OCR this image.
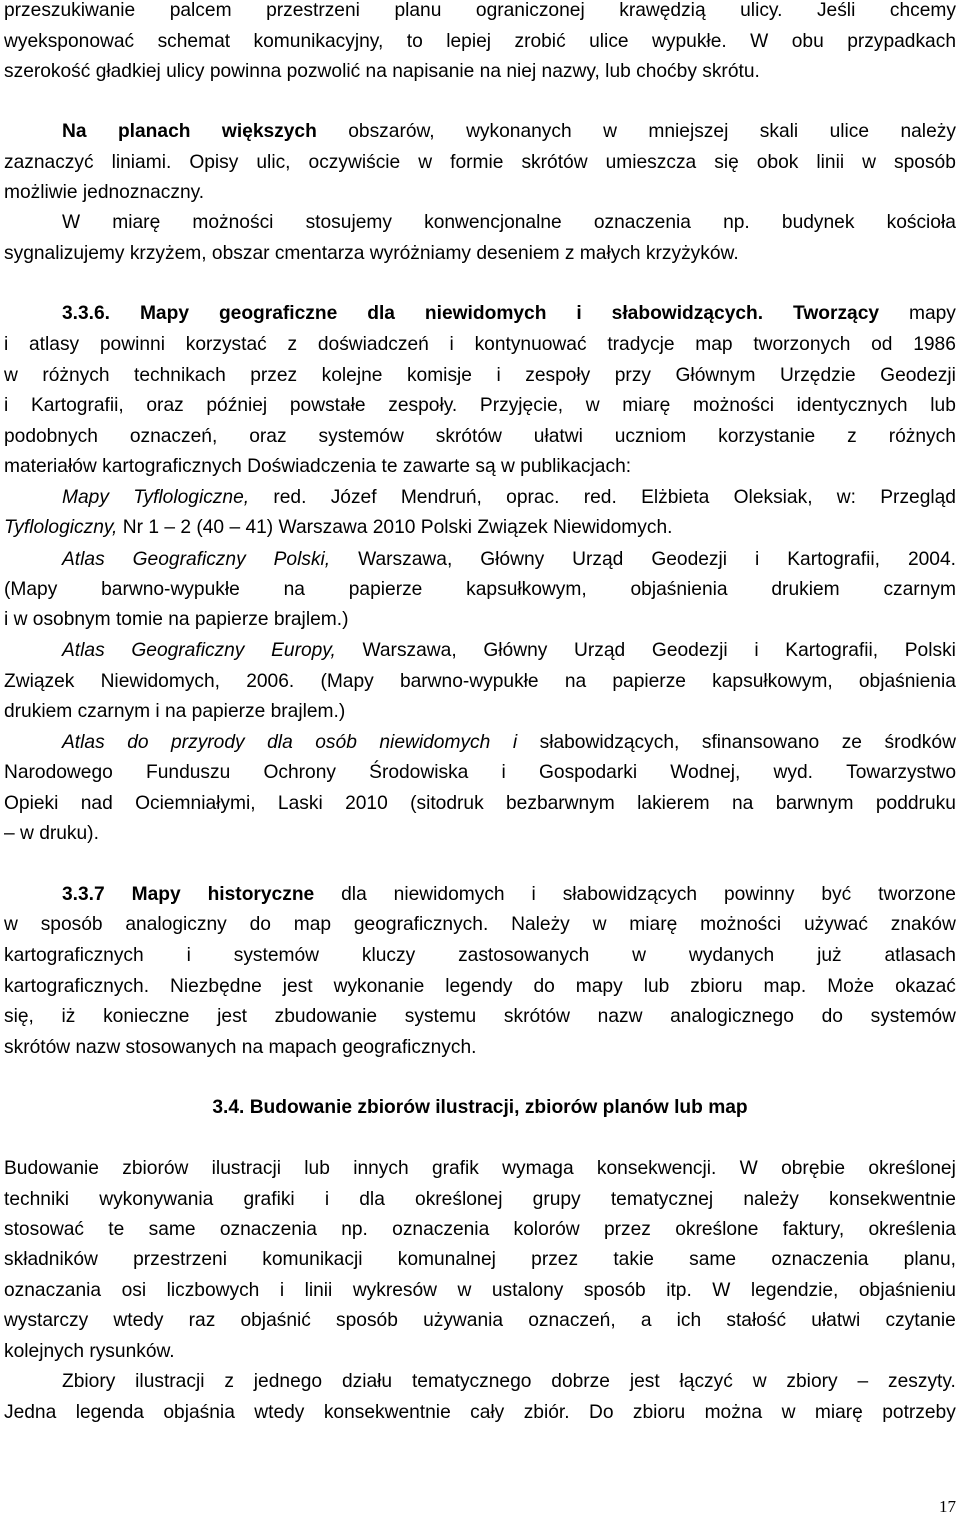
przeszukiwanie palcem przestrzeni planu ograniczonej krawędzią ulicy. Jeśli chcemy
wyeksponować schemat komunikacyjny, to lepiej zrobić ulice wypukłe. W obu przypadkach
szerokość gładkiej ulicy powinna pozwolić na napisanie na niej nazwy, lub choćby skrótu.
Na planach większych obszarów, wykonanych w mniejszej skali ulice należy
zaznaczyć liniami. Opisy ulic, oczywiście w formie skrótów umieszcza się obok linii w sposób
możliwie jednoznaczny.
W miarę możności stosujemy konwencjonalne oznaczenia np. budynek kościoła
sygnalizujemy krzyżem, obszar cmentarza wyróżniamy deseniem z małych krzyżyków.
3.3.6. Mapy geograficzne dla niewidomych i słabowidzących. Tworzący mapy
i atlasy powinni korzystać z doświadczeń i kontynuować tradycje map tworzonych od 1986
w różnych technikach przez kolejne komisje i zespoły przy Głównym Urzędzie Geodezji
i Kartografii, oraz później powstałe zespoły. Przyjęcie, w miarę możności identycznych lub
podobnych oznaczeń, oraz systemów skrótów ułatwi uczniom korzystanie z różnych
materiałów kartograficznych Doświadczenia te zawarte są w publikacjach:
Mapy Tyflologiczne, red. Józef Mendruń, oprac. red. Elżbieta Oleksiak, w: Przegląd
Tyflologiczny, Nr 1 – 2 (40 – 41) Warszawa 2010 Polski Związek Niewidomych.
Atlas Geograficzny Polski, Warszawa, Główny Urząd Geodezji i Kartografii, 2004.
(Mapy barwno-wypukłe na papierze kapsułkowym, objaśnienia drukiem czarnym
i w osobnym tomie na papierze brajlem.)
Atlas Geograficzny Europy, Warszawa, Główny Urząd Geodezji i Kartografii, Polski
Związek Niewidomych, 2006. (Mapy barwno-wypukłe na papierze kapsułkowym, objaśnienia
drukiem czarnym i na papierze brajlem.)
Atlas do przyrody dla osób niewidomych i słabowidzących, sfinansowano ze środków
Narodowego Funduszu Ochrony Środowiska i Gospodarki Wodnej, wyd. Towarzystwo
Opieki nad Ociemniałymi, Laski 2010 (sitodruk bezbarwnym lakierem na barwnym poddruku
– w druku).
3.3.7 Mapy historyczne dla niewidomych i słabowidzących powinny być tworzone
w sposób analogiczny do map geograficznych. Należy w miarę możności używać znaków
kartograficznych i systemów kluczy zastosowanych w wydanych już atlasach
kartograficznych. Niezbędne jest wykonanie legendy do mapy lub zbioru map. Może okazać
się, iż konieczne jest zbudowanie systemu skrótów nazw analogicznego do systemów
skrótów nazw stosowanych na mapach geograficznych.
3.4. Budowanie zbiorów ilustracji, zbiorów planów lub map
Budowanie zbiorów ilustracji lub innych grafik wymaga konsekwencji. W obrębie określonej
techniki wykonywania grafiki i dla określonej grupy tematycznej należy konsekwentnie
stosować te same oznaczenia np. oznaczenia kolorów przez określone faktury, określenia
składników przestrzeni komunikacji komunalnej przez takie same oznaczenia planu,
oznaczania osi liczbowych i linii wykresów w ustalony sposób itp. W legendzie, objaśnieniu
wystarczy wtedy raz objaśnić sposób używania oznaczeń, a ich stałość ułatwi czytanie
kolejnych rysunków.
Zbiory ilustracji z jednego działu tematycznego dobrze jest łączyć w zbiory – zeszyty.
Jedna legenda objaśnia wtedy konsekwentnie cały zbiór. Do zbioru można w miarę potrzeby
17
